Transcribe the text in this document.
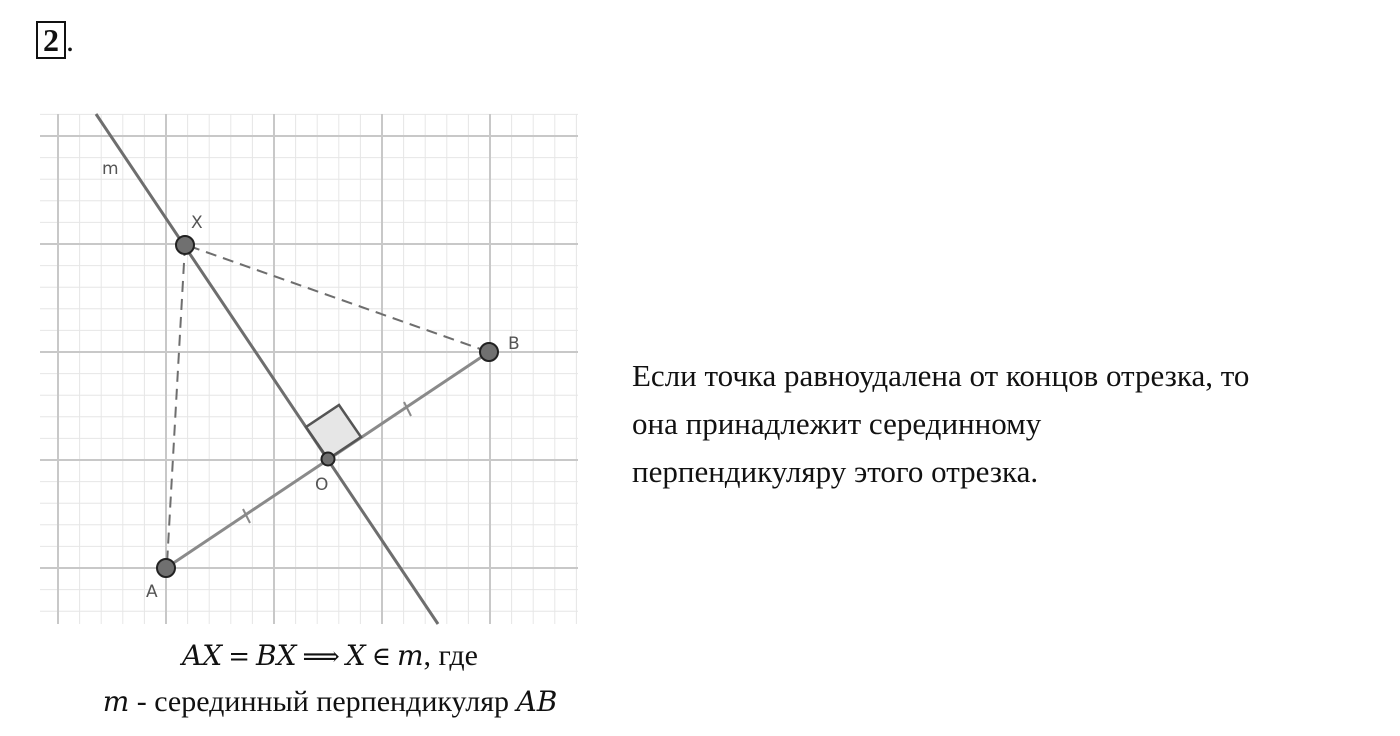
2 .
m
X
B
O
A
AX = BX ⟹ X ∈ m, где
m - серединный перпендикуляр AB
Если точка равноудалена от концов отрезка, то
она принадлежит серединному
перпендикуляру этого отрезка.
